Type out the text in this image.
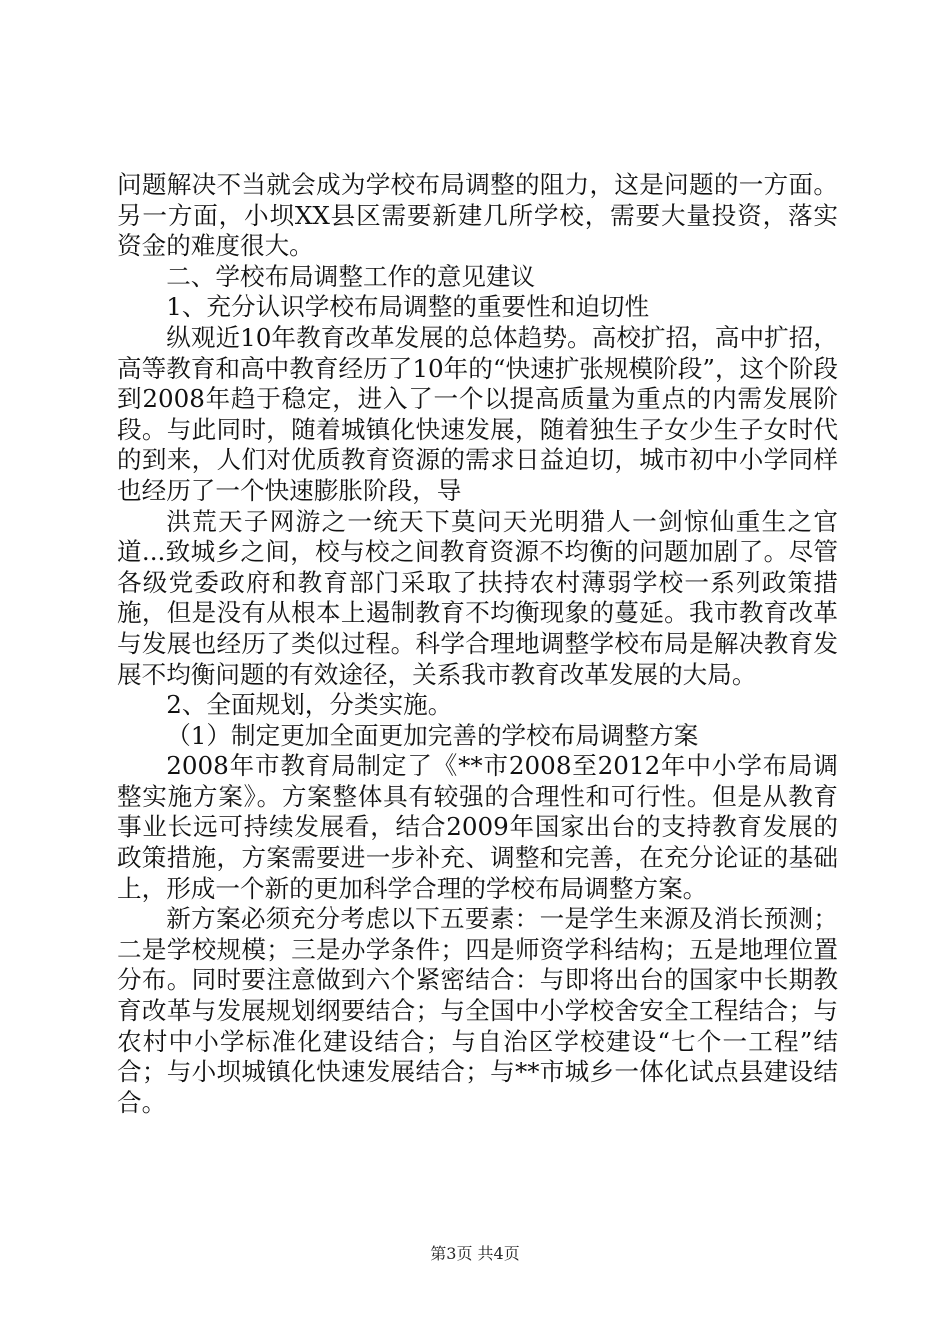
问题解决不当就会成为学校布局调整的阻力，这是问题的一方面。另一方面，小坝XX县区需要新建几所学校，需要大量投资，落实资金的难度很大。

二、学校布局调整工作的意见建议

1、充分认识学校布局调整的重要性和迫切性

纵观近10年教育改革发展的总体趋势。高校扩招，高中扩招，高等教育和高中教育经历了10年的“快速扩张规模阶段”，这个阶段到2008年趋于稳定，进入了一个以提高质量为重点的内需发展阶段。与此同时，随着城镇化快速发展，随着独生子女少生子女时代的到来，人们对优质教育资源的需求日益迫切，城市初中小学同样也经历了一个快速膨胀阶段，导

洪荒天子网游之一统天下莫问天光明猎人一剑惊仙重生之官道...致城乡之间，校与校之间教育资源不均衡的问题加剧了。尽管各级党委政府和教育部门采取了扶持农村薄弱学校一系列政策措施，但是没有从根本上遏制教育不均衡现象的蔓延。我市教育改革与发展也经历了类似过程。科学合理地调整学校布局是解决教育发展不均衡问题的有效途径，关系我市教育改革发展的大局。

2、全面规划，分类实施。

（1）制定更加全面更加完善的学校布局调整方案

2008年市教育局制定了《**市2008至2012年中小学布局调整实施方案》。方案整体具有较强的合理性和可行性。但是从教育事业长远可持续发展看，结合2009年国家出台的支持教育发展的政策措施，方案需要进一步补充、调整和完善，在充分论证的基础上，形成一个新的更加科学合理的学校布局调整方案。

新方案必须充分考虑以下五要素：一是学生来源及消长预测；二是学校规模；三是办学条件；四是师资学科结构；五是地理位置分布。同时要注意做到六个紧密结合：与即将出台的国家中长期教育改革与发展规划纲要结合；与全国中小学校舍安全工程结合；与农村中小学标准化建设结合；与自治区学校建设“七个一工程”结合；与小坝城镇化快速发展结合；与**市城乡一体化试点县建设结合。

第3页 共4页
